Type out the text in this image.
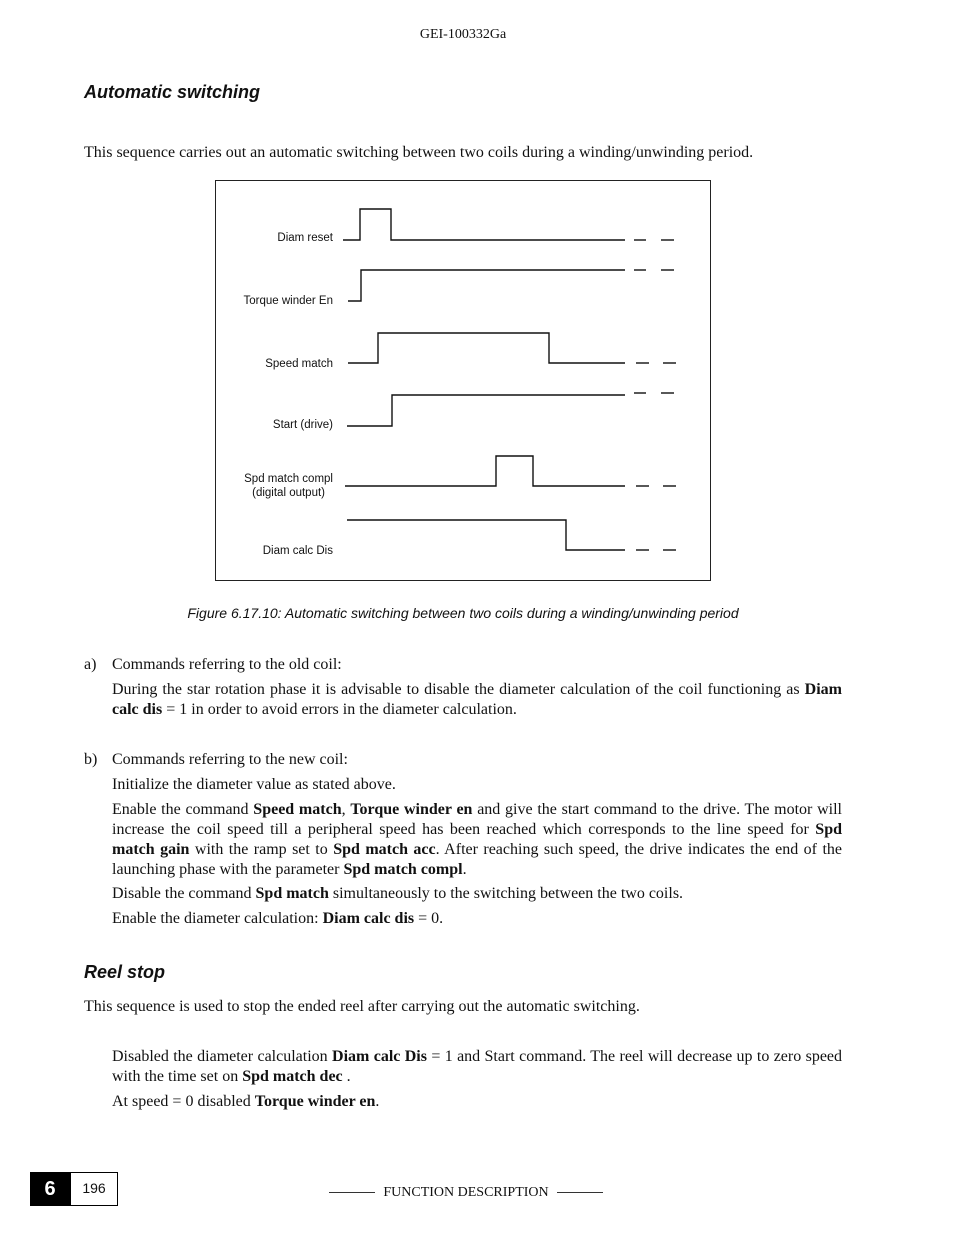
GEI-100332Ga
Automatic switching
This sequence carries out an automatic switching between two coils during a winding/unwinding period.
Diam reset
Torque winder En
Speed match
Start (drive)
Spd match compl
(digital output)
Diam calc Dis
Figure 6.17.10: Automatic switching between two coils during a winding/unwinding period
a) Commands referring to the old coil:
During the star rotation phase it is advisable to disable the diameter calculation of the coil functioning as Diam calc dis = 1 in order to avoid errors in the diameter calculation.
b) Commands referring to the new coil:
Initialize the diameter value as stated above.
Enable the command Speed match, Torque winder en and give the start command to the drive. The motor will increase the coil speed till a peripheral speed has been reached which corresponds to the line speed for Spd match gain with the ramp set to Spd match acc. After reaching such speed, the drive indicates the end of the launching phase with the parameter Spd match compl.
Disable the command Spd match simultaneously to the switching between the two coils.
Enable the diameter calculation: Diam calc dis = 0.
Reel stop
This sequence is used to stop the ended reel after carrying out the automatic switching.
Disabled the diameter calculation Diam calc Dis = 1 and Start command. The reel will decrease up to zero speed with the time set on Spd match dec .
At speed = 0 disabled Torque winder en.
6	196	FUNCTION DESCRIPTION
